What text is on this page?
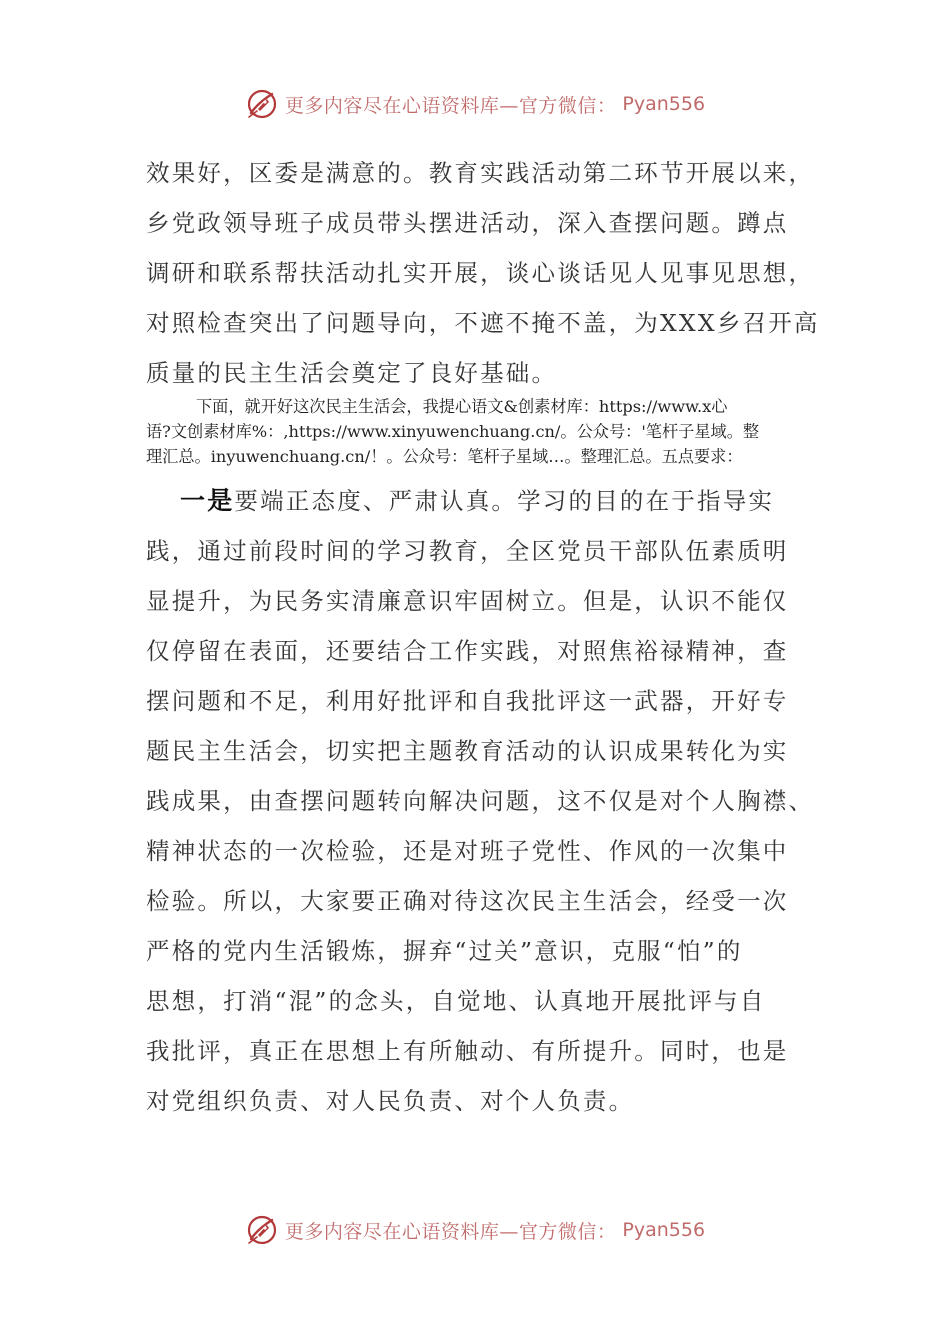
更多内容尽在心语资料库—官方微信： Pyan556
效果好，区委是满意的。教育实践活动第二环节开展以来，
乡党政领导班子成员带头摆进活动，深入查摆问题。蹲点
调研和联系帮扶活动扎实开展，谈心谈话见人见事见思想，
对照检查突出了问题导向，不遮不掩不盖，为XXX乡召开高
质量的民主生活会奠定了良好基础。
下面，就开好这次民主生活会，我提心语文&创素材库：https://www.x心
语?文创素材库%：,https://www.xinyuwenchuang.cn/。公众号：'笔杆子星域。整
理汇总。inyuwenchuang.cn/！。公众号：笔杆子星域…。整理汇总。五点要求：
一是要端正态度、严肃认真。学习的目的在于指导实
践，通过前段时间的学习教育，全区党员干部队伍素质明
显提升，为民务实清廉意识牢固树立。但是，认识不能仅
仅停留在表面，还要结合工作实践，对照焦裕禄精神，查
摆问题和不足，利用好批评和自我批评这一武器，开好专
题民主生活会，切实把主题教育活动的认识成果转化为实
践成果，由查摆问题转向解决问题，这不仅是对个人胸襟、
精神状态的一次检验，还是对班子党性、作风的一次集中
检验。所以，大家要正确对待这次民主生活会，经受一次
严格的党内生活锻炼，摒弃“过关”意识，克服“怕”的
思想，打消“混”的念头，自觉地、认真地开展批评与自
我批评，真正在思想上有所触动、有所提升。同时，也是
对党组织负责、对人民负责、对个人负责。
更多内容尽在心语资料库—官方微信： Pyan556
